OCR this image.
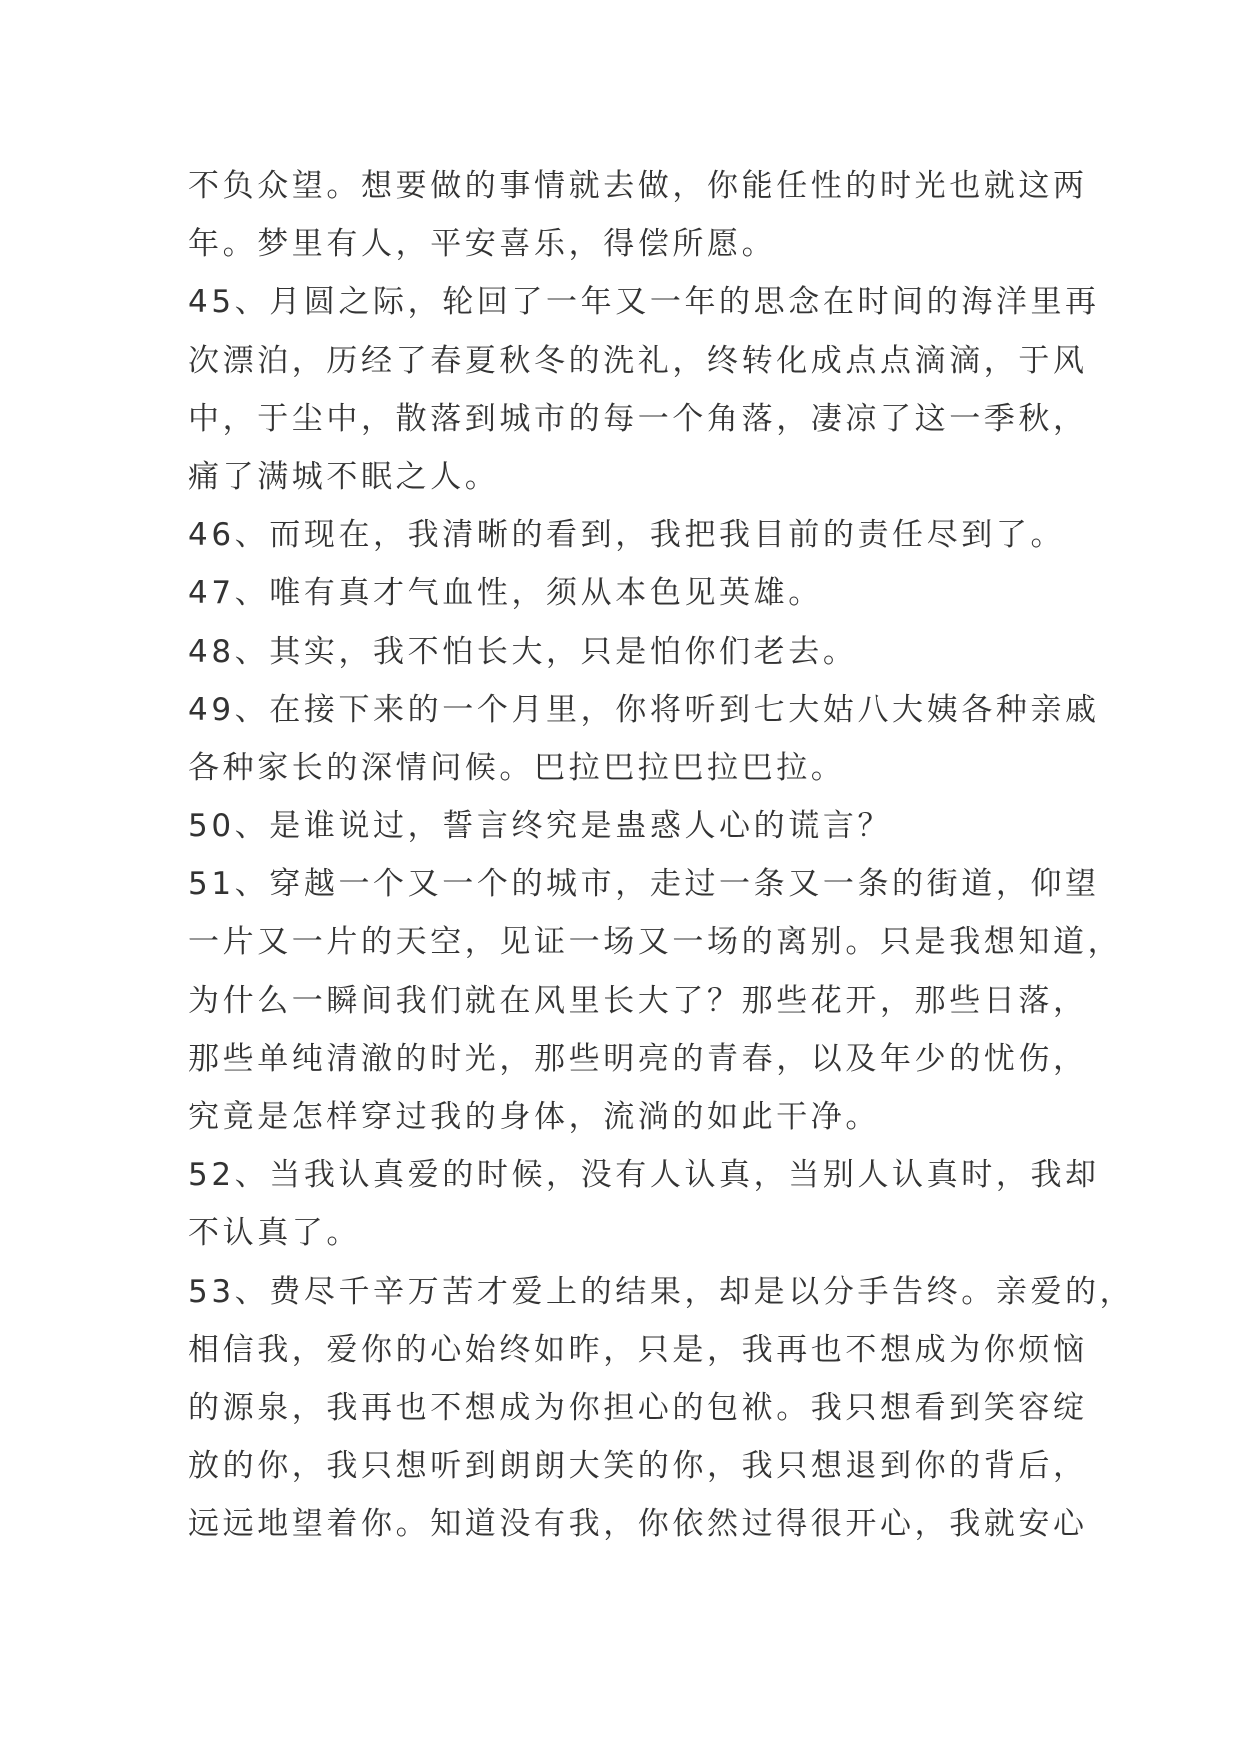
不负众望。想要做的事情就去做，你能任性的时光也就这两
年。梦里有人，平安喜乐，得偿所愿。
45、月圆之际，轮回了一年又一年的思念在时间的海洋里再
次漂泊，历经了春夏秋冬的洗礼，终转化成点点滴滴，于风
中，于尘中，散落到城市的每一个角落，凄凉了这一季秋，
痛了满城不眠之人。
46、而现在，我清晰的看到，我把我目前的责任尽到了。
47、唯有真才气血性，须从本色见英雄。
48、其实，我不怕长大，只是怕你们老去。
49、在接下来的一个月里，你将听到七大姑八大姨各种亲戚
各种家长的深情问候。巴拉巴拉巴拉巴拉。
50、是谁说过，誓言终究是蛊惑人心的谎言？
51、穿越一个又一个的城市，走过一条又一条的街道，仰望
一片又一片的天空，见证一场又一场的离别。只是我想知道，
为什么一瞬间我们就在风里长大了？那些花开，那些日落，
那些单纯清澈的时光，那些明亮的青春，以及年少的忧伤，
究竟是怎样穿过我的身体，流淌的如此干净。
52、当我认真爱的时候，没有人认真，当别人认真时，我却
不认真了。
53、费尽千辛万苦才爱上的结果，却是以分手告终。亲爱的，
相信我，爱你的心始终如昨，只是，我再也不想成为你烦恼
的源泉，我再也不想成为你担心的包袱。我只想看到笑容绽
放的你，我只想听到朗朗大笑的你，我只想退到你的背后，
远远地望着你。知道没有我，你依然过得很开心，我就安心
